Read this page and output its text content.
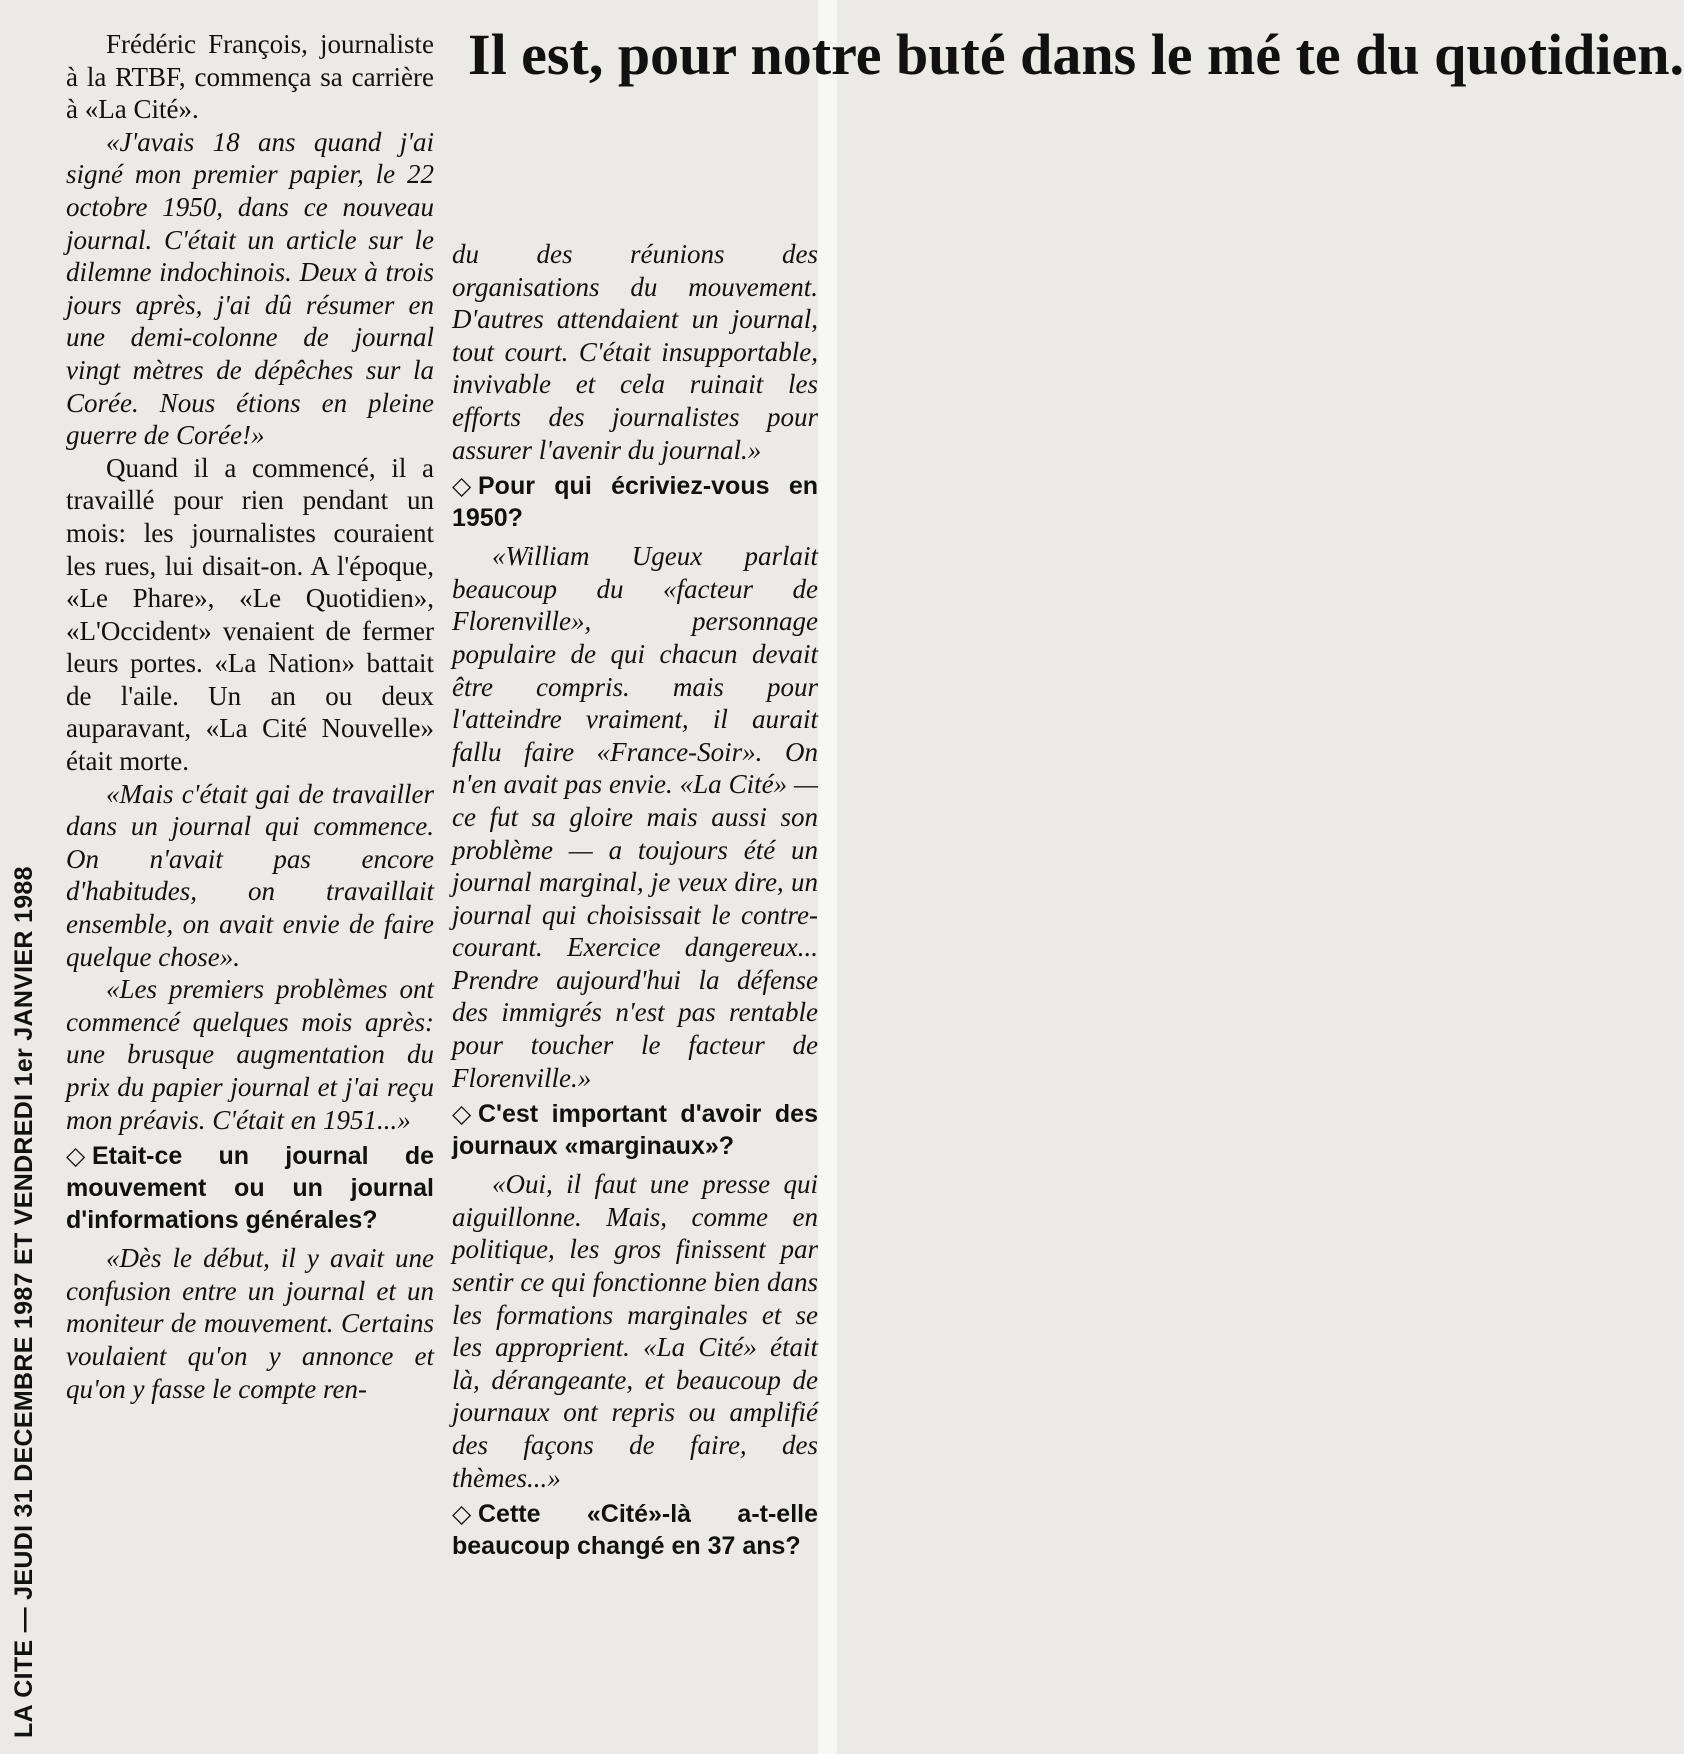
LA CITE — JEUDI 31 DECEMBRE 1987 ET VENDREDI 1er JANVIER 1988
Il est, pour notre buté dans le mé te du quotidien.

Frédéric François, journaliste à la RTBF, commença sa carrière à «La Cité».

«J'avais 18 ans quand j'ai signé mon premier papier, le 22 octobre 1950, dans ce nouveau journal. C'était un article sur le dilemne indochinois. Deux à trois jours après, j'ai dû résumer en une demi-colonne de journal vingt mètres de dépêches sur la Corée. Nous étions en pleine guerre de Corée!»

Quand il a commencé, il a travaillé pour rien pendant un mois: les journalistes couraient les rues, lui disait-on. A l'époque, «Le Phare», «Le Quotidien», «L'Occident» venaient de fermer leurs portes. «La Nation» battait de l'aile. Un an ou deux auparavant, «La Cité Nouvelle» était morte.

«Mais c'était gai de travailler dans un journal qui commence. On n'avait pas encore d'habitudes, on travaillait ensemble, on avait envie de faire quelque chose».

«Les premiers problèmes ont commencé quelques mois après: une brusque augmentation du prix du papier journal et j'ai reçu mon préavis. C'était en 1951...»

◇ Etait-ce un journal de mouvement ou un journal d'informations générales?

«Dès le début, il y avait une confusion entre un journal et un moniteur de mouvement. Certains voulaient qu'on y annonce et qu'on y fasse le compte ren-

du des réunions des organisations du mouvement. D'autres attendaient un journal, tout court. C'était insupportable, invivable et cela ruinait les efforts des journalistes pour assurer l'avenir du journal.»

◇ Pour qui écriviez-vous en 1950?

«William Ugeux parlait beaucoup du «facteur de Florenville», personnage populaire de qui chacun devait être compris. mais pour l'atteindre vraiment, il aurait fallu faire «France-Soir». On n'en avait pas envie. «La Cité» — ce fut sa gloire mais aussi son problème — a toujours été un journal marginal, je veux dire, un journal qui choisissait le contre-courant. Exercice dangereux... Prendre aujourd'hui la défense des immigrés n'est pas rentable pour toucher le facteur de Florenville.»

◇ C'est important d'avoir des journaux «marginaux»?

«Oui, il faut une presse qui aiguillonne. Mais, comme en politique, les gros finissent par sentir ce qui fonctionne bien dans les formations marginales et se les approprient. «La Cité» était là, dérangeante, et beaucoup de journaux ont repris ou amplifié des façons de faire, des thèmes...»

◇ Cette «Cité»-là a-t-elle beaucoup changé en 37 ans?
